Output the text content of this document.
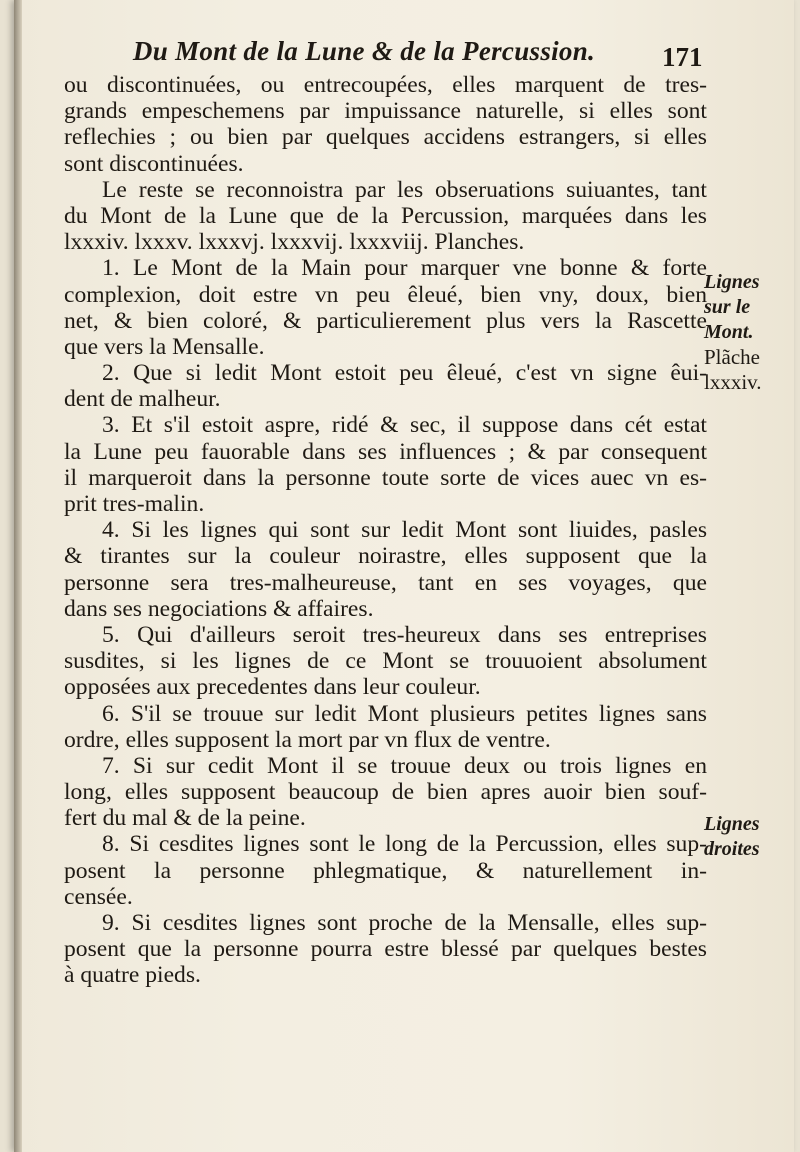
Du Mont de la Lune & de la Percussion.	171
ou discontinuées, ou entrecoupées, elles marquent de tres-
grands empeschemens par impuissance naturelle, si elles sont
reflechies ; ou bien par quelques accidens estrangers, si elles
sont discontinuées.
Le reste se reconnoistra par les obseruations suiuantes, tant
du Mont de la Lune que de la Percussion, marquées dans les
lxxxiv. lxxxv. lxxxvj. lxxxvij. lxxxviij. Planches.
1. Le Mont de la Main pour marquer vne bonne & forte
complexion, doit estre vn peu êleué, bien vny, doux, bien
net, & bien coloré, & particulierement plus vers la Rascette
que vers la Mensalle.
2. Que si ledit Mont estoit peu êleué, c'est vn signe êui-
dent de malheur.
3. Et s'il estoit aspre, ridé & sec, il suppose dans cét estat
la Lune peu fauorable dans ses influences ; & par consequent
il marqueroit dans la personne toute sorte de vices auec vn es-
prit tres-malin.
4. Si les lignes qui sont sur ledit Mont sont liuides, pasles
& tirantes sur la couleur noirastre, elles supposent que la
personne sera tres-malheureuse, tant en ses voyages, que
dans ses negociations & affaires.
5. Qui d'ailleurs seroit tres-heureux dans ses entreprises
susdites, si les lignes de ce Mont se trouuoient absolument
opposées aux precedentes dans leur couleur.
6. S'il se trouue sur ledit Mont plusieurs petites lignes sans
ordre, elles supposent la mort par vn flux de ventre.
7. Si sur cedit Mont il se trouue deux ou trois lignes en
long, elles supposent beaucoup de bien apres auoir bien souf-
fert du mal & de la peine.
8. Si cesdites lignes sont le long de la Percussion, elles sup-
posent la personne phlegmatique, & naturellement in-
censée.
9. Si cesdites lignes sont proche de la Mensalle, elles sup-
posent que la personne pourra estre blessé par quelques bestes
à quatre pieds.
Lignes
sur le
Mont.
Plãche
lxxxiv.
Lignes
droites
